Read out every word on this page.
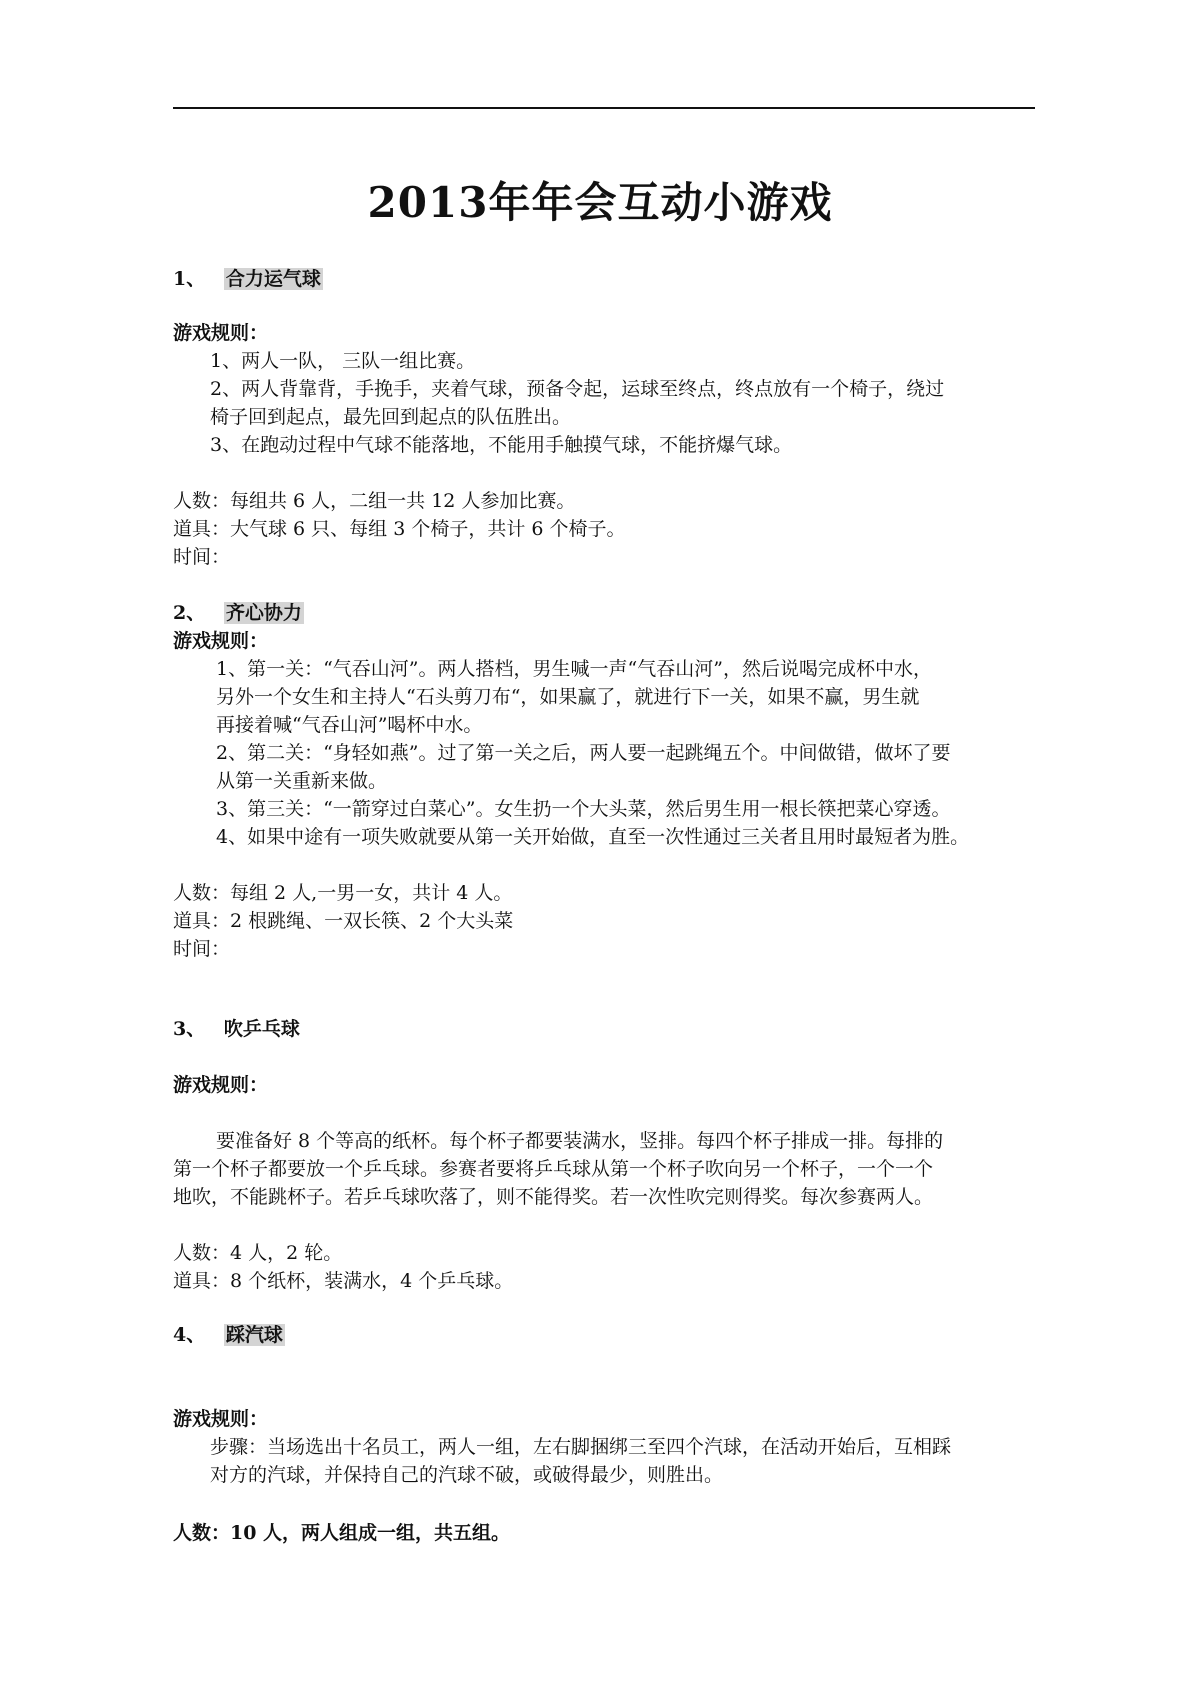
2013年年会互动小游戏
1、 合力运气球
游戏规则：
1、两人一队， 三队一组比赛。
2、两人背靠背，手挽手，夹着气球，预备令起，运球至终点，终点放有一个椅子，绕过
椅子回到起点，最先回到起点的队伍胜出。
3、在跑动过程中气球不能落地，不能用手触摸气球，不能挤爆气球。
人数：每组共 6 人，二组一共 12 人参加比赛。
道具：大气球 6 只、每组 3 个椅子，共计 6 个椅子。
时间：
2、 齐心协力
游戏规则：
1、第一关：“气吞山河”。两人搭档，男生喊一声“气吞山河”，然后说喝完成杯中水，
另外一个女生和主持人“石头剪刀布“，如果赢了，就进行下一关，如果不赢，男生就
再接着喊“气吞山河”喝杯中水。
2、第二关：“身轻如燕”。过了第一关之后，两人要一起跳绳五个。中间做错，做坏了要
从第一关重新来做。
3、第三关：“一箭穿过白菜心”。女生扔一个大头菜，然后男生用一根长筷把菜心穿透。
4、如果中途有一项失败就要从第一关开始做，直至一次性通过三关者且用时最短者为胜。
人数：每组 2 人,一男一女，共计 4 人。
道具：2 根跳绳、一双长筷、2 个大头菜
时间：
3、 吹乒乓球
游戏规则：
要准备好 8 个等高的纸杯。每个杯子都要装满水，竖排。每四个杯子排成一排。每排的
第一个杯子都要放一个乒乓球。参赛者要将乒乓球从第一个杯子吹向另一个杯子，一个一个
地吹，不能跳杯子。若乒乓球吹落了，则不能得奖。若一次性吹完则得奖。每次参赛两人。
人数：4 人，2 轮。
道具：8 个纸杯，装满水，4 个乒乓球。
4、 踩汽球
游戏规则：
步骤：当场选出十名员工，两人一组，左右脚捆绑三至四个汽球，在活动开始后，互相踩
对方的汽球，并保持自己的汽球不破，或破得最少，则胜出。
人数：10 人，两人组成一组，共五组。
